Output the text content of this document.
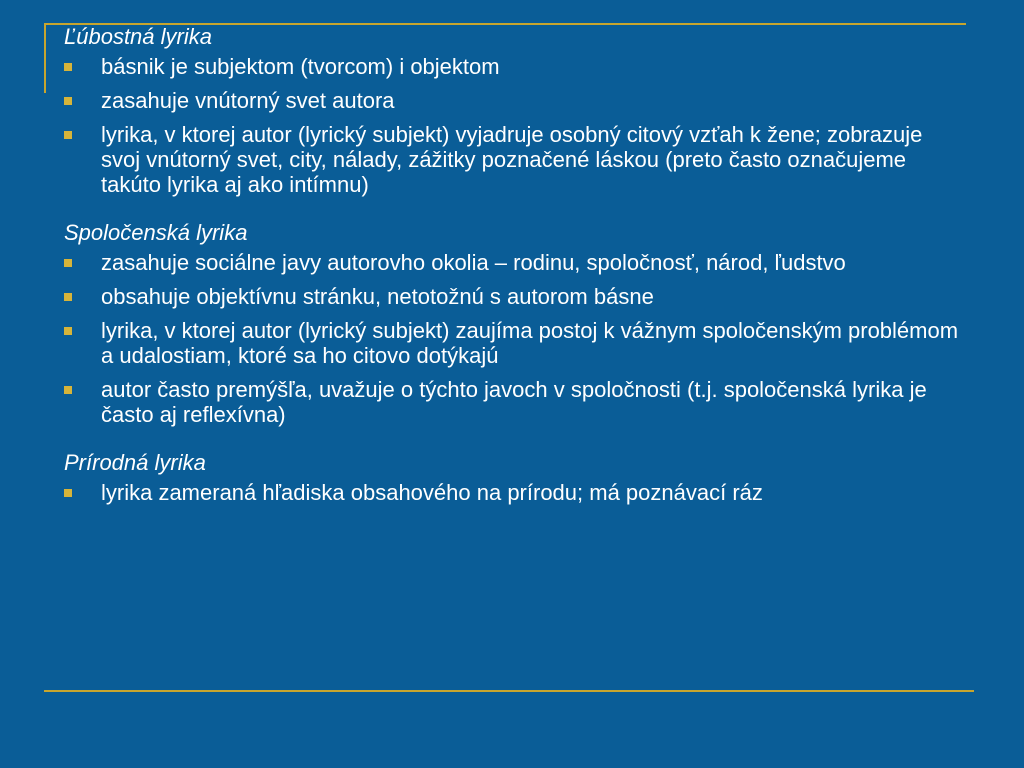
Ľúbostná lyrika
básnik je subjektom (tvorcom) i objektom
zasahuje vnútorný svet autora
lyrika, v ktorej autor (lyrický subjekt) vyjadruje osobný citový vzťah k žene; zobrazuje svoj vnútorný svet, city, nálady, zážitky poznačené láskou (preto často označujeme takúto lyrika aj ako intímnu)
Spoločenská lyrika
zasahuje sociálne javy autorovho okolia – rodinu, spoločnosť, národ, ľudstvo
obsahuje objektívnu stránku, netotožnú s autorom básne
lyrika, v ktorej autor (lyrický subjekt) zaujíma postoj k vážnym spoločenským problémom a udalostiam, ktoré sa ho citovo dotýkajú
autor často premýšľa, uvažuje o týchto javoch v spoločnosti (t.j. spoločenská lyrika je často aj reflexívna)
Prírodná lyrika
lyrika zameraná hľadiska obsahového na prírodu; má poznávací ráz
